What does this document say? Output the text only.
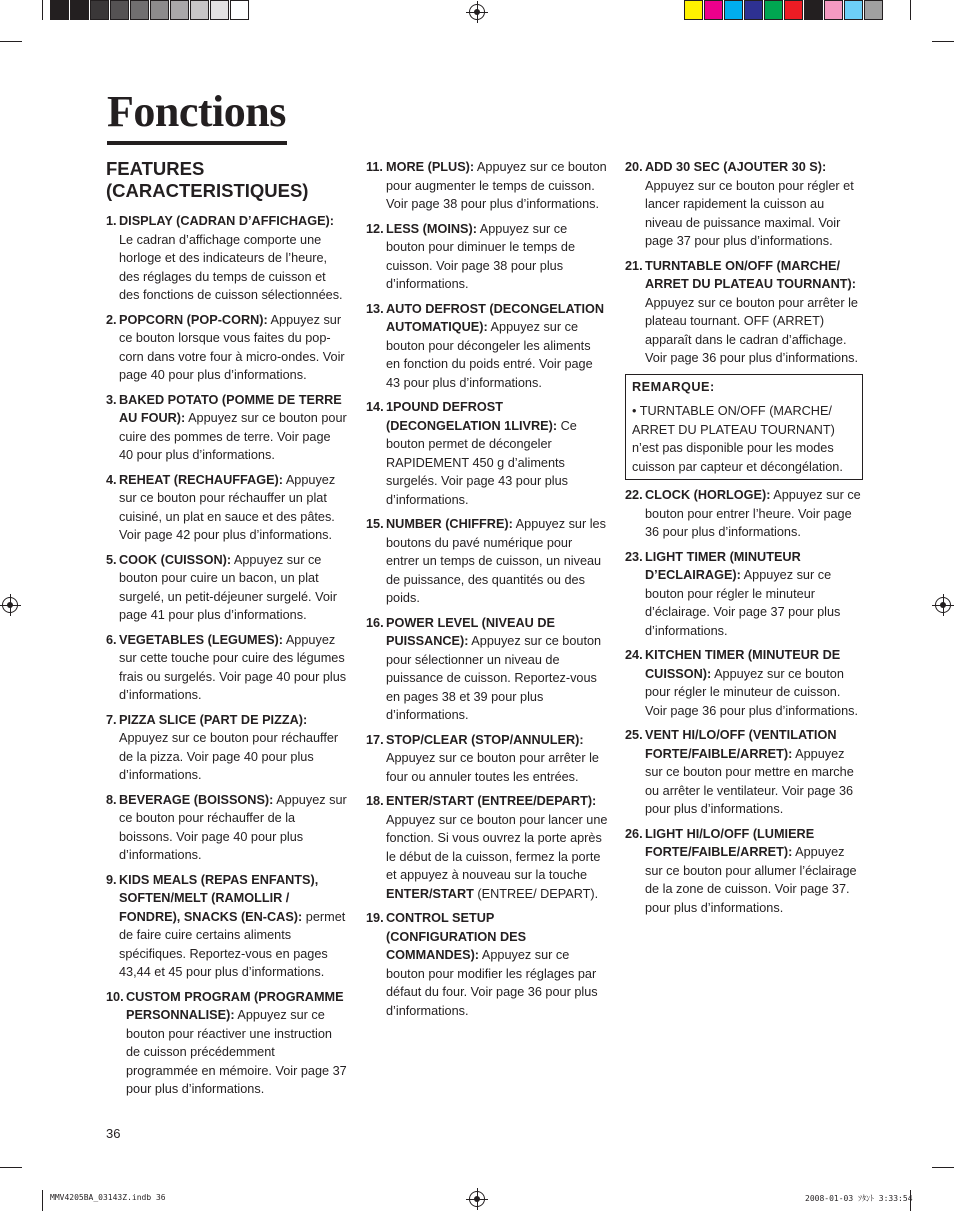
Fonctions
FEATURES
(CARACTERISTIQUES)
1. DISPLAY (CADRAN D’AFFICHAGE): Le cadran d’affichage comporte une horloge et des indicateurs de l’heure, des réglages du temps de cuisson et des fonctions de cuisson sélectionnées.
2. POPCORN (POP-CORN): Appuyez sur ce bouton lorsque vous faites du pop-corn dans votre four à micro-ondes. Voir page 40 pour plus d’informations.
3. BAKED POTATO (POMME DE TERRE AU FOUR): Appuyez sur ce bouton pour cuire des pommes de terre. Voir page 40 pour plus d’informations.
4. REHEAT (RECHAUFFAGE): Appuyez sur ce bouton pour réchauffer un plat cuisiné, un plat en sauce et des pâtes. Voir page 42 pour plus d’informations.
5. COOK (CUISSON): Appuyez sur ce bouton pour cuire un bacon, un plat surgelé, un petit-déjeuner surgelé. Voir page 41 pour plus d’informations.
6. VEGETABLES (LEGUMES): Appuyez sur cette touche pour cuire des légumes frais ou surgelés. Voir page 40 pour plus d’informations.
7. PIZZA SLICE (PART DE PIZZA): Appuyez sur ce bouton pour réchauffer de la pizza. Voir page 40 pour plus d’informations.
8. BEVERAGE (BOISSONS): Appuyez sur ce bouton pour réchauffer de la boissons. Voir page 40 pour plus d’informations.
9. KIDS MEALS (REPAS ENFANTS), SOFTEN/MELT (RAMOLLIR / FONDRE), SNACKS (EN-CAS): permet de faire cuire certains aliments spécifiques. Reportez-vous en pages 43,44 et 45 pour plus d’informations.
10. CUSTOM PROGRAM (PROGRAMME PERSONNALISE): Appuyez sur ce bouton pour réactiver une instruction de cuisson précédemment programmée en mémoire. Voir page 37 pour plus d’informations.
11. MORE (PLUS): Appuyez sur ce bouton pour augmenter le temps de cuisson. Voir page 38 pour plus d’informations.
12. LESS (MOINS): Appuyez sur ce bouton pour diminuer le temps de cuisson. Voir page 38 pour plus d’informations.
13. AUTO DEFROST (DECONGELATION AUTOMATIQUE): Appuyez sur ce bouton pour décongeler les aliments en fonction du poids entré. Voir page 43 pour plus d’informations.
14. 1POUND DEFROST (DECONGELATION 1LIVRE): Ce bouton permet de décongeler RAPIDEMENT 450 g d’aliments surgelés. Voir page 43 pour plus d’informations.
15. NUMBER (CHIFFRE): Appuyez sur les boutons du pavé numérique pour entrer un temps de cuisson, un niveau de puissance, des quantités ou des poids.
16. POWER LEVEL (NIVEAU DE PUISSANCE): Appuyez sur ce bouton pour sélectionner un niveau de puissance de cuisson. Reportez-vous en pages 38 et 39 pour plus d’informations.
17. STOP/CLEAR (STOP/ANNULER): Appuyez sur ce bouton pour arrêter le four ou annuler toutes les entrées.
18. ENTER/START (ENTREE/DEPART): Appuyez sur ce bouton pour lancer une fonction. Si vous ouvrez la porte après le début de la cuisson, fermez la porte et appuyez à nouveau sur la touche ENTER/START (ENTREE/ DEPART).
19. CONTROL SETUP (CONFIGURATION DES COMMANDES): Appuyez sur ce bouton pour modifier les réglages par défaut du four. Voir page 36 pour plus d’informations.
20. ADD 30 SEC (AJOUTER 30 S): Appuyez sur ce bouton pour régler et lancer rapidement la cuisson au niveau de puissance maximal. Voir page 37 pour plus d’informations.
21. TURNTABLE ON/OFF (MARCHE/ ARRET DU PLATEAU TOURNANT): Appuyez sur ce bouton pour arrêter le plateau tournant. OFF (ARRET) apparaît dans le cadran d’affichage. Voir page 36 pour plus d’informations.
REMARQUE:
• TURNTABLE ON/OFF (MARCHE/ ARRET DU PLATEAU TOURNANT) n’est pas disponible pour les modes cuisson par capteur et décongélation.
22. CLOCK (HORLOGE): Appuyez sur ce bouton pour entrer l’heure. Voir page 36 pour plus d’informations.
23. LIGHT TIMER (MINUTEUR D’ECLAIRAGE): Appuyez sur ce bouton pour régler le minuteur d’éclairage. Voir page 37 pour plus d’informations.
24. KITCHEN TIMER (MINUTEUR DE CUISSON): Appuyez sur ce bouton pour régler le minuteur de cuisson. Voir page 36 pour plus d’informations.
25. VENT HI/LO/OFF (VENTILATION FORTE/FAIBLE/ARRET): Appuyez sur ce bouton pour mettre en marche ou arrêter le ventilateur. Voir page 36 pour plus d’informations.
26. LIGHT HI/LO/OFF (LUMIERE FORTE/FAIBLE/ARRET): Appuyez sur ce bouton pour allumer l’éclairage de la zone de cuisson. Voir page 37. pour plus d’informations.
36
MMV4205BA_03143Z.indb 36	2008-01-03 ｿﾀﾝﾄ 3:33:54
